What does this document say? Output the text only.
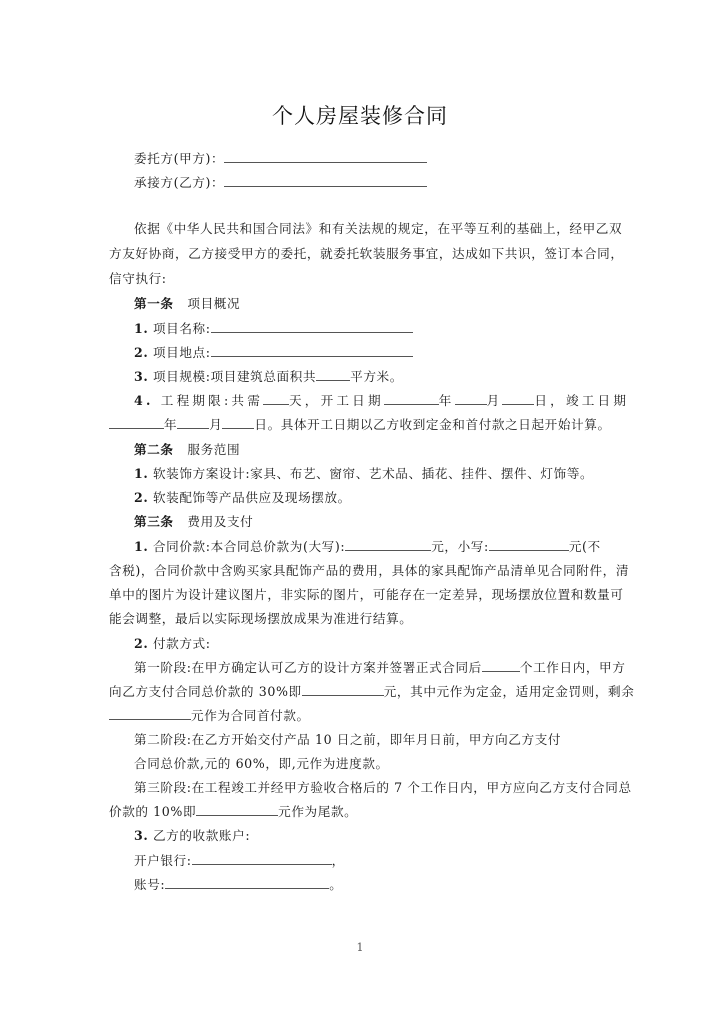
个人房屋装修合同
委托方(甲方)：
承接方(乙方)：
依据《中华人民共和国合同法》和有关法规的规定，在平等互利的基础上，经甲乙双
方友好协商，乙方接受甲方的委托，就委托软装服务事宜，达成如下共识，签订本合同，
信守执行:
第一条 项目概况
1. 项目名称:
2. 项目地点:
3. 项目规模:项目建筑总面积共	平方米。
4. 工程期限:共需 天，开工日期	年	月	日，竣工日期
年	月	日。具体开工日期以乙方收到定金和首付款之日起开始计算。
第二条 服务范围
1. 软装饰方案设计:家具、布艺、窗帘、艺术品、插花、挂件、摆件、灯饰等。
2. 软装配饰等产品供应及现场摆放。
第三条 费用及支付
1. 合同价款:本合同总价款为(大写):	元，小写:	元(不
含税)，合同价款中含购买家具配饰产品的费用，具体的家具配饰产品清单见合同附件，清
单中的图片为设计建议图片，非实际的图片，可能存在一定差异，现场摆放位置和数量可
能会调整，最后以实际现场摆放成果为准进行结算。
2. 付款方式:
第一阶段:在甲方确定认可乙方的设计方案并签署正式合同后	个工作日内，甲方
向乙方支付合同总价款的 30%即	元，其中元作为定金，适用定金罚则，剩余
元作为合同首付款。
第二阶段:在乙方开始交付产品 10 日之前，即年月日前，甲方向乙方支付
合同总价款,元的 60%，即,元作为进度款。
第三阶段:在工程竣工并经甲方验收合格后的 7 个工作日内，甲方应向乙方支付合同总
价款的 10%即	元作为尾款。
3. 乙方的收款账户:
开户银行:	，
账号:	。
1
